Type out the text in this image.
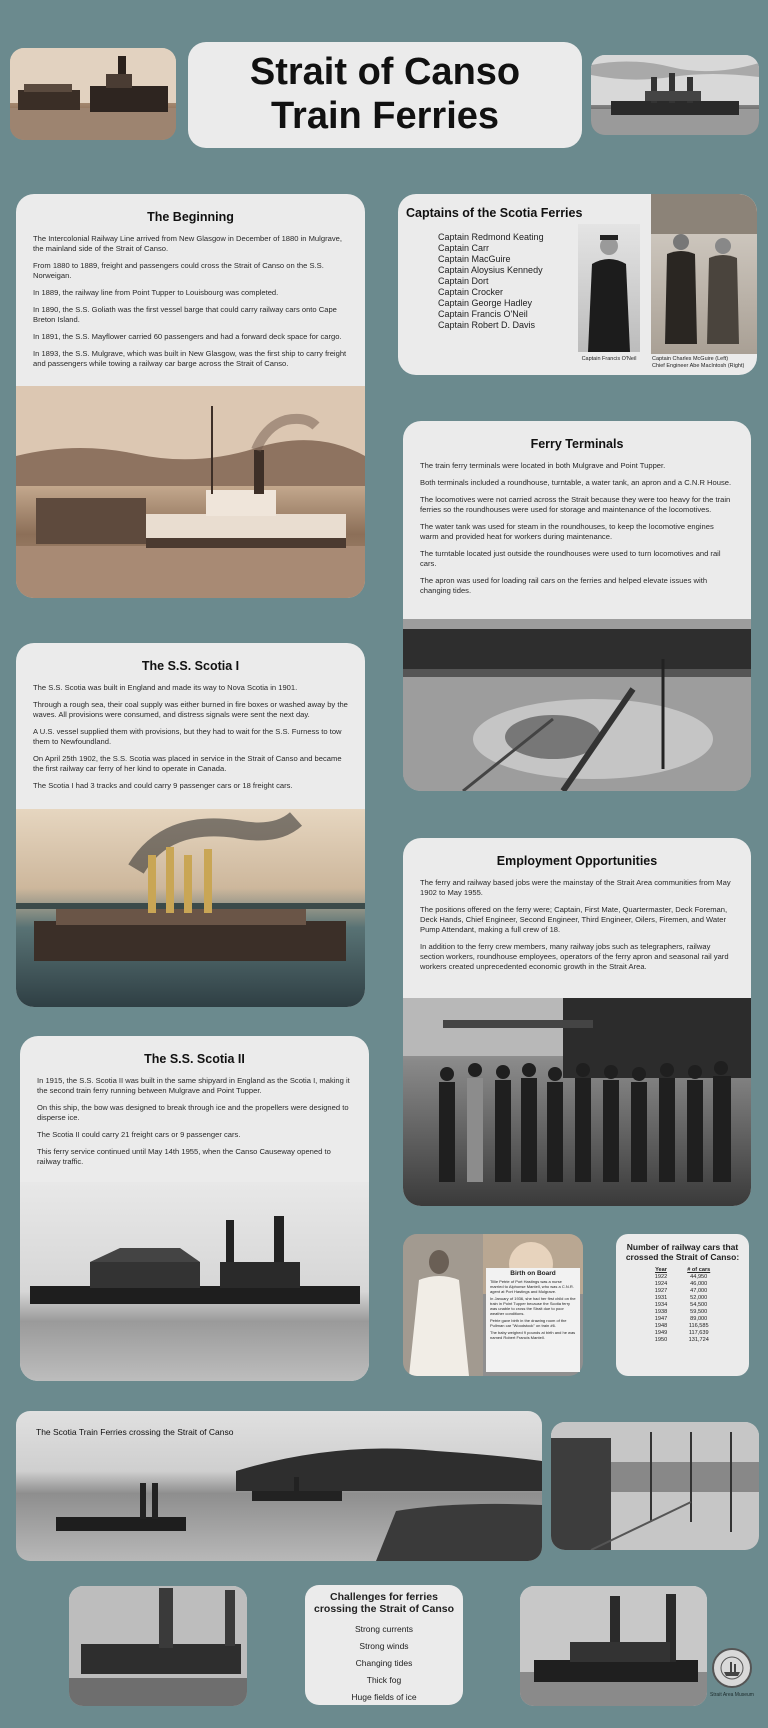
Strait of Canso
Train Ferries
The Beginning

The Intercolonial Railway Line arrived from New Glasgow in December of 1880 in Mulgrave, the mainland side of the Strait of Canso.

From 1880 to 1889, freight and passengers could cross the Strait of Canso on the S.S. Norweigan.

In 1889, the railway line from Point Tupper to Louisbourg was completed.

In 1890, the S.S. Goliath was the first vessel barge that could carry railway cars onto Cape Breton Island.

In 1891, the S.S. Mayflower carried 60 passengers and had a forward deck space for cargo.

In 1893, the S.S. Mulgrave, which was built in New Glasgow, was the first ship to carry freight and passengers while towing a railway car barge across the Strait of Canso.

Captains of the Scotia Ferries
Captain Redmond Keating
Captain Carr
Captain MacGuire
Captain Aloysius Kennedy
Captain Dort
Captain Crocker
Captain George Hadley
Captain Francis O'Neil
Captain Robert D. Davis
Captain Francis O'Neil	Captain Charles McGuire (Left)
Chief Engineer Abe MacIntosh (Right)
Ferry Terminals

The train ferry terminals were located in both Mulgrave and Point Tupper.

Both terminals included a roundhouse, turntable, a water tank, an apron and a C.N.R House.

The locomotives were not carried across the Strait because they were too heavy for the train ferries so the roundhouses were used for storage and maintenance of the locomotives.

The water tank was used for steam in the roundhouses, to keep the locomotive engines warm and provided heat for workers during maintenance.

The turntable located just outside the roundhouses were used to turn locomotives and rail cars.

The apron was used for loading rail cars on the ferries and helped elevate issues with changing tides.

The S.S. Scotia I

The S.S. Scotia was built in England and made its way to Nova Scotia in 1901.

Through a rough sea, their coal supply was either burned in fire boxes or washed away by the waves. All provisions were consumed, and distress signals were sent the next day.

A U.S. vessel supplied them with provisions, but they had to wait for the S.S. Furness to tow them to Newfoundland.

On April 25th 1902, the S.S. Scotia was placed in service in the Strait of Canso and became the first railway car ferry of her kind to operate in Canada.

The Scotia I had 3 tracks and could carry 9 passenger cars or 18 freight cars.

Employment Opportunities

The ferry and railway based jobs were the mainstay of the Strait Area communities from May 1902 to May 1955.

The positions offered on the ferry were; Captain, First Mate, Quartermaster, Deck Foreman, Deck Hands, Chief Engineer, Second Engineer, Third Engineer, Oilers, Firemen, and Water Pump Attendant, making a full crew of 18.

In addition to the ferry crew members, many railway jobs such as telegraphers, railway section workers, roundhouse employees, operators of the ferry apron and seasonal rail yard workers created unprecedented economic growth in the Strait Area.

The S.S. Scotia II

In 1915, the S.S. Scotia II was built in the same shipyard in England as the Scotia I, making it the second train ferry running between Mulgrave and Point Tupper.

On this ship, the bow was designed to break through ice and the propellers were designed to disperse ice.

The Scotia II could carry 21 freight cars or 9 passenger cars.

This ferry service continued until May 14th 1955, when the Canso Causeway opened to railway traffic.

Birth on Board
Tillie Petrie of Port Hastings was a nurse married to Alphonse Mantell, who was a C.N.R. agent at Port Hastings and Mulgrave.
In January of 1936, she had her first child on the train in Point Tupper because the Scotia ferry was unable to cross the Strait due to poor weather conditions.
Petrie gave birth in the drawing room of the Pullman car "Woodstock" on train #6.
The baby weighed 9 pounds at birth and he was named Robert Francis Mantell.
Number of railway cars that crossed the Strait of Canso:
Year	# of cars
1922	44,950
1924	46,000
1927	47,000
1931	52,000
1934	54,500
1938	59,500
1947	89,000
1948	116,585
1949	117,639
1950	131,724
The Scotia Train Ferries crossing the Strait of Canso
Challenges for ferries crossing the Strait of Canso
Strong currents
Strong winds
Changing tides
Thick fog
Huge fields of ice	Strait Area Museum
